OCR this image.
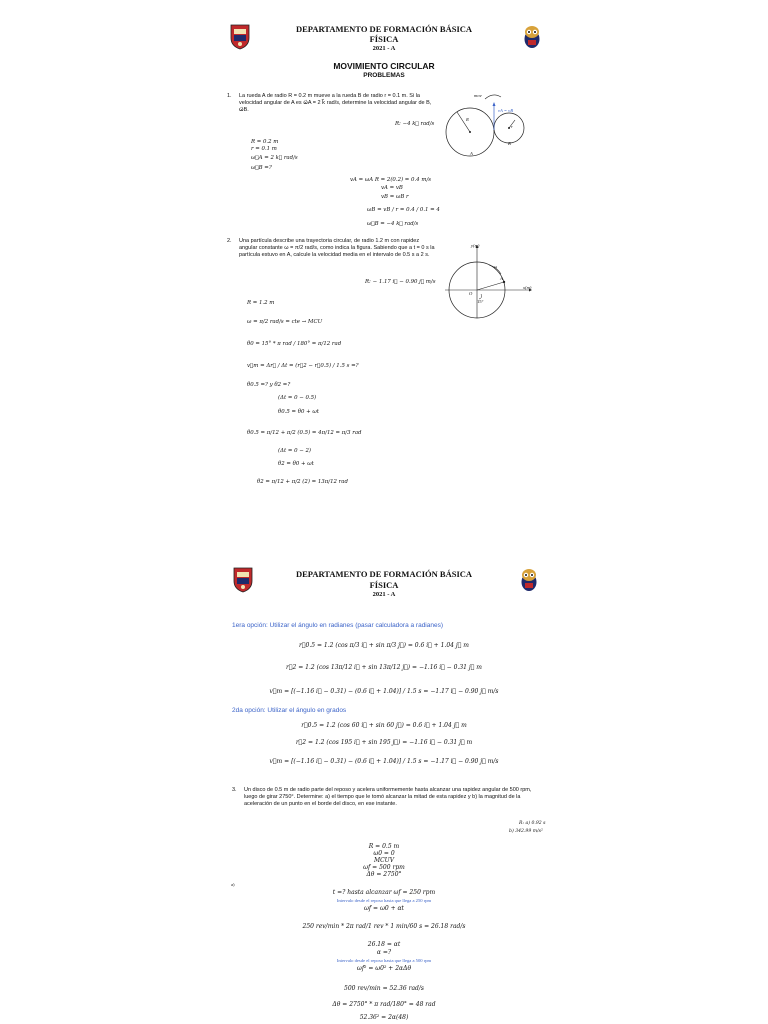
DEPARTAMENTO DE FORMACIÓN BÁSICA
FÍSICA
2021 - A
MOVIMIENTO CIRCULAR
PROBLEMAS
1. La rueda A de radio R = 0.2 m mueve a la rueda B de radio r = 0.1 m. Si la velocidad angular de A es ω⃗A = 2 k⃗ rad/s, determine la velocidad angular de B, ω⃗B.
R: −4 k⃗ rad/s
mov
vA = vB
R
r
A
B
R = 0.2 m
r = 0.1 m
ω⃗A = 2 k⃗ rad/s
ω⃗B =?
vA = ωA R = 2(0.2) = 0.4 m/s
vA = vB
vB = ωB r
ωB = vB / r = 0.4 / 0.1 = 4
ω⃗B = −4 k⃗ rad/s
2. Una partícula describe una trayectoria circular, de radio 1.2 m con rapidez angular constante ω = π/2 rad/s, como indica la figura. Sabiendo que a t = 0 s la partícula estuvo en A, calcule la velocidad media en el intervalo de 0.5 s a 2 s.
R: − 1.17 i⃗ − 0.90 j⃗ m/s
y(m)
x(m)
O
A
ω
15°
R = 1.2 m
ω = π/2 rad/s = cte → MCU
θ0 = 15° * π rad / 180° = π/12 rad
v⃗m = Δr⃗ / Δt = (r⃗2 − r⃗0.5) / 1.5 s =?
θ0.5 =? y θ2 =?
(Δt = 0 − 0.5)
θ0.5 = θ0 + ωt
θ0.5 = π/12 + π/2 (0.5) = 4π/12 = π/3 rad
(Δt = 0 − 2)
θ2 = θ0 + ωt
θ2 = π/12 + π/2 (2) = 13π/12 rad
DEPARTAMENTO DE FORMACIÓN BÁSICA
FÍSICA
2021 - A
1era opción: Utilizar el ángulo en radianes (pasar calculadora a radianes)
r⃗0.5 = 1.2 (cos π/3 i⃗ + sin π/3 j⃗) = 0.6 i⃗ + 1.04 j⃗ m
r⃗2 = 1.2 (cos 13π/12 i⃗ + sin 13π/12 j⃗) = −1.16 i⃗ − 0.31 j⃗ m
v⃗m = [(−1.16 i⃗ − 0.31) − (0.6 i⃗ + 1.04)] / 1.5 s = −1.17 i⃗ − 0.90 j⃗ m/s
2da opción: Utilizar el ángulo en grados
r⃗0.5 = 1.2 (cos 60 i⃗ + sin 60 j⃗) = 0.6 i⃗ + 1.04 j⃗ m
r⃗2 = 1.2 (cos 195 i⃗ + sin 195 j⃗) = −1.16 i⃗ − 0.31 j⃗ m
v⃗m = [(−1.16 i⃗ − 0.31) − (0.6 i⃗ + 1.04)] / 1.5 s = −1.17 i⃗ − 0.90 j⃗ m/s
3. Un disco de 0.5 m de radio parte del reposo y acelera uniformemente hasta alcanzar una rapidez angular de 500 rpm, luego de girar 2750°. Determine: a) el tiempo que le tomó alcanzar la mitad de esta rapidez y b) la magnitud de la aceleración de un punto en el borde del disco, en ese instante.
R: a) 0.92 s
b) 342.99 m/s²
R = 0.5 m
ω0 = 0
MCUV
ωf = 500 rpm
Δθ = 2750°
a)
t =? hasta alcanzar ωf = 250 rpm
Intervalo desde el reposo hasta que llega a 250 rpm
ωf = ω0 + αt
250 rev/min * 2π rad/1 rev * 1 min/60 s = 26.18 rad/s
26.18 = αt
α =?
Intervalo desde el reposo hasta que llega a 500 rpm
ωf² = ω0² + 2αΔθ
500 rev/min = 52.36 rad/s
Δθ = 2750° * π rad/180° = 48 rad
52.36² = 2α(48)
